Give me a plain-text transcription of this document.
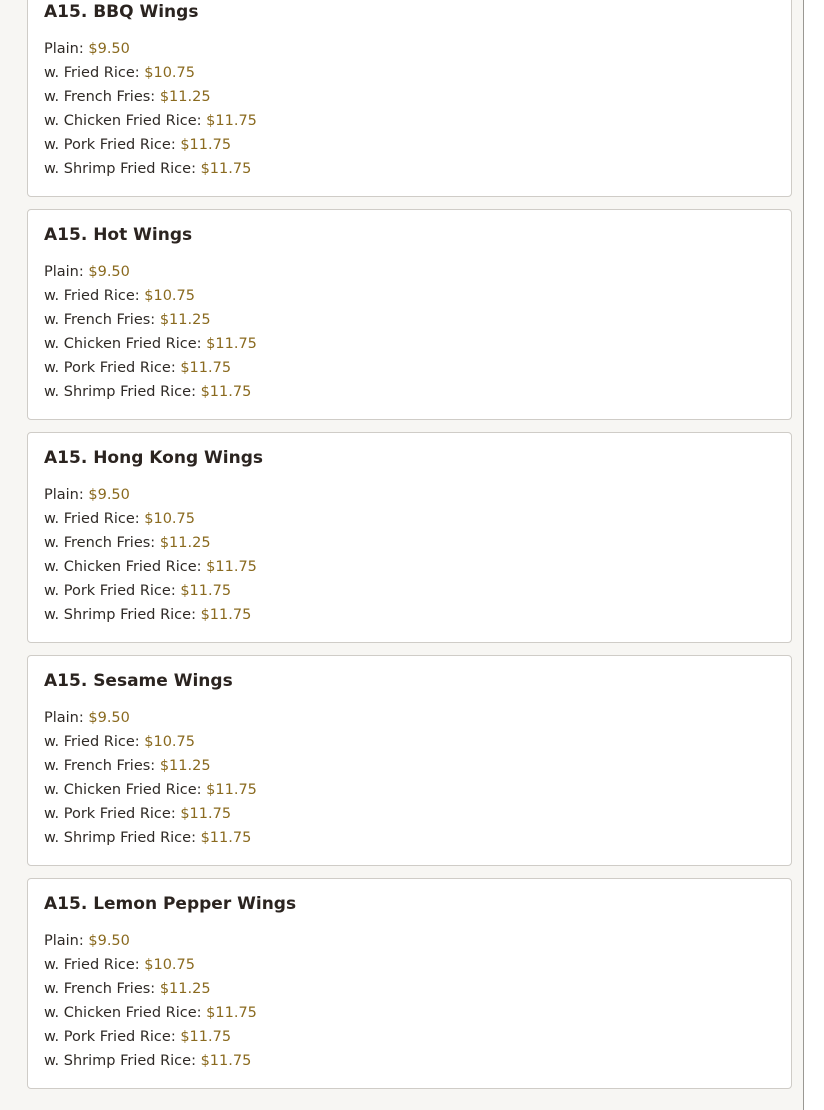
A15. BBQ Wings
Plain: $9.50
w. Fried Rice: $10.75
w. French Fries: $11.25
w. Chicken Fried Rice: $11.75
w. Pork Fried Rice: $11.75
w. Shrimp Fried Rice: $11.75
A15. Hot Wings
Plain: $9.50
w. Fried Rice: $10.75
w. French Fries: $11.25
w. Chicken Fried Rice: $11.75
w. Pork Fried Rice: $11.75
w. Shrimp Fried Rice: $11.75
A15. Hong Kong Wings
Plain: $9.50
w. Fried Rice: $10.75
w. French Fries: $11.25
w. Chicken Fried Rice: $11.75
w. Pork Fried Rice: $11.75
w. Shrimp Fried Rice: $11.75
A15. Sesame Wings
Plain: $9.50
w. Fried Rice: $10.75
w. French Fries: $11.25
w. Chicken Fried Rice: $11.75
w. Pork Fried Rice: $11.75
w. Shrimp Fried Rice: $11.75
A15. Lemon Pepper Wings
Plain: $9.50
w. Fried Rice: $10.75
w. French Fries: $11.25
w. Chicken Fried Rice: $11.75
w. Pork Fried Rice: $11.75
w. Shrimp Fried Rice: $11.75
